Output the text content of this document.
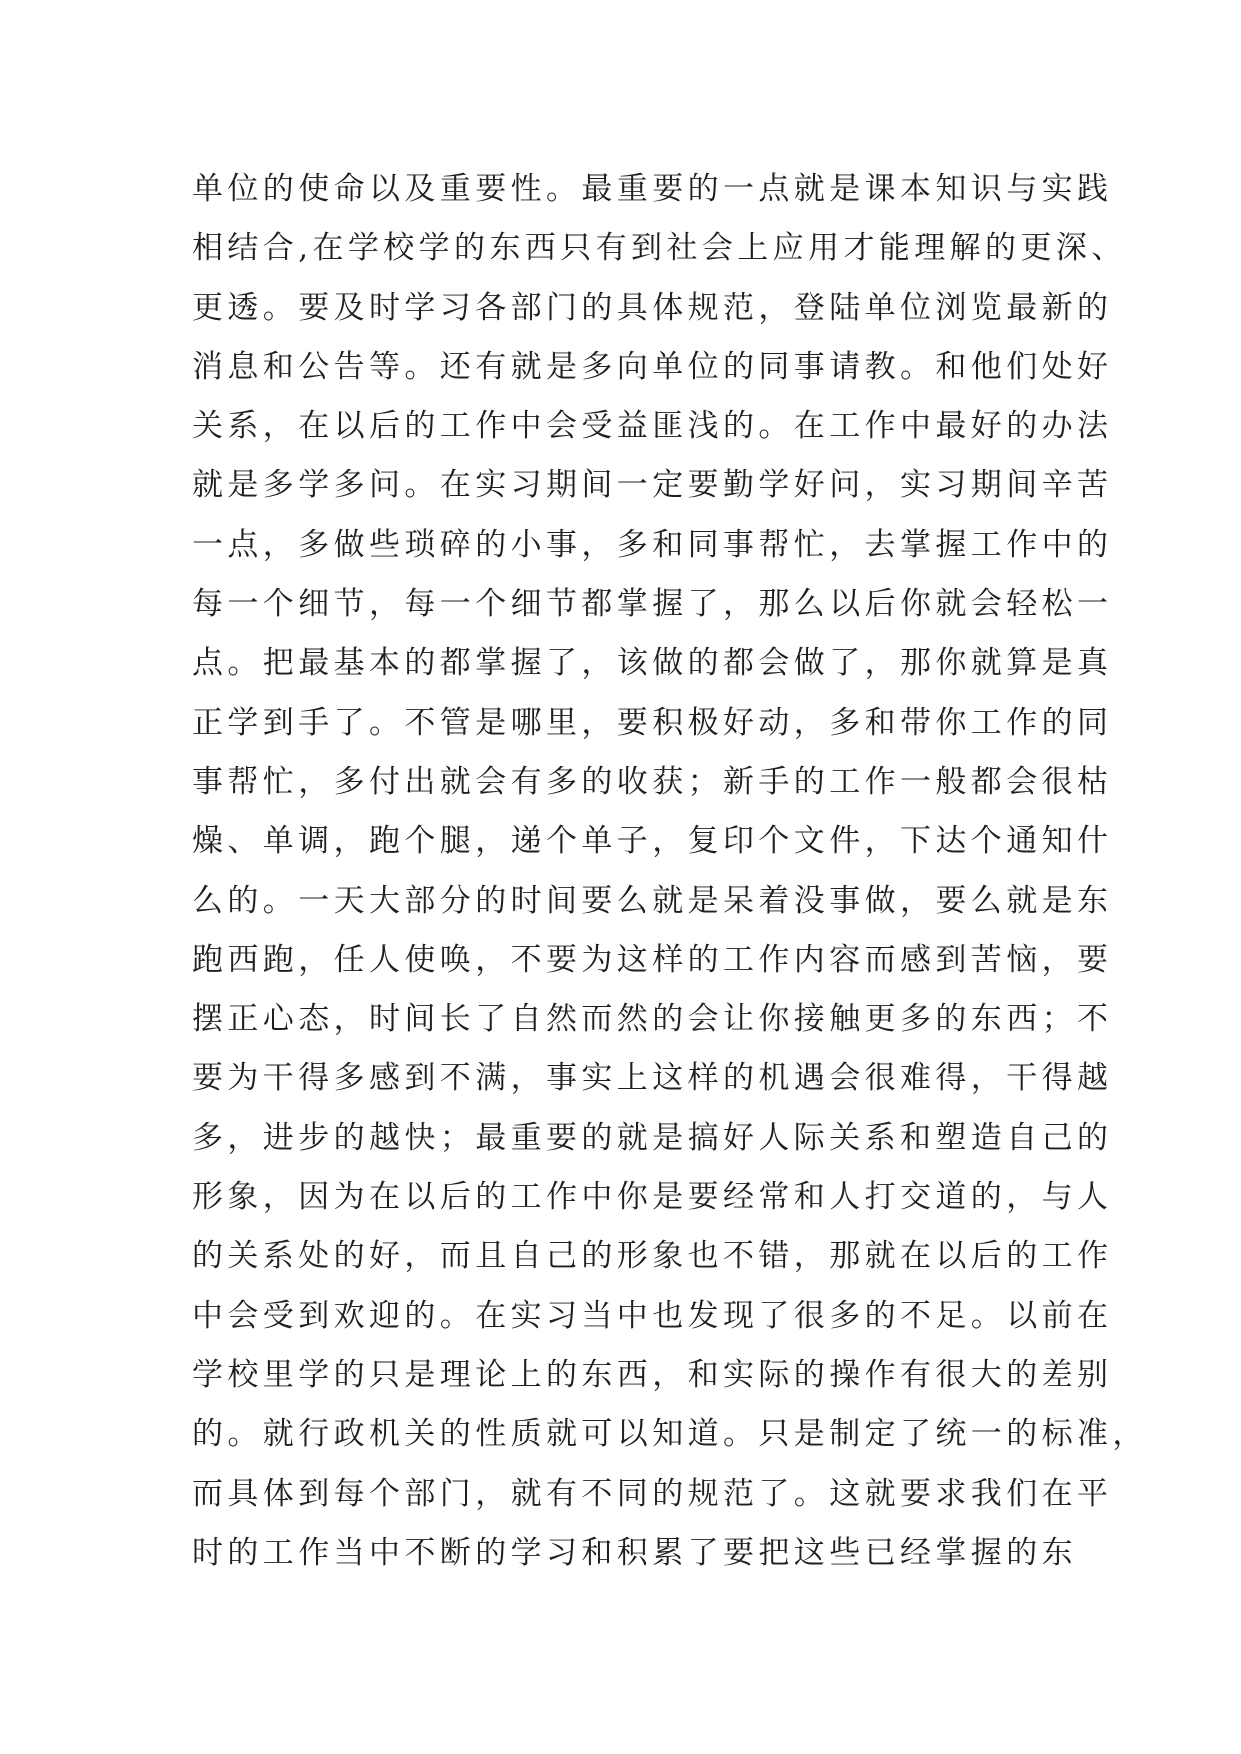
单位的使命以及重要性。最重要的一点就是课本知识与实践
相结合,在学校学的东西只有到社会上应用才能理解的更深、
更透。要及时学习各部门的具体规范，登陆单位浏览最新的
消息和公告等。还有就是多向单位的同事请教。和他们处好
关系，在以后的工作中会受益匪浅的。在工作中最好的办法
就是多学多问。在实习期间一定要勤学好问，实习期间辛苦
一点，多做些琐碎的小事，多和同事帮忙，去掌握工作中的
每一个细节，每一个细节都掌握了，那么以后你就会轻松一
点。把最基本的都掌握了，该做的都会做了，那你就算是真
正学到手了。不管是哪里，要积极好动，多和带你工作的同
事帮忙，多付出就会有多的收获；新手的工作一般都会很枯
燥、单调，跑个腿，递个单子，复印个文件，下达个通知什
么的。一天大部分的时间要么就是呆着没事做，要么就是东
跑西跑，任人使唤，不要为这样的工作内容而感到苦恼，要
摆正心态，时间长了自然而然的会让你接触更多的东西；不
要为干得多感到不满，事实上这样的机遇会很难得，干得越
多，进步的越快；最重要的就是搞好人际关系和塑造自己的
形象，因为在以后的工作中你是要经常和人打交道的，与人
的关系处的好，而且自己的形象也不错，那就在以后的工作
中会受到欢迎的。在实习当中也发现了很多的不足。以前在
学校里学的只是理论上的东西，和实际的操作有很大的差别
的。就行政机关的性质就可以知道。只是制定了统一的标准，
而具体到每个部门，就有不同的规范了。这就要求我们在平
时的工作当中不断的学习和积累了要把这些已经掌握的东
